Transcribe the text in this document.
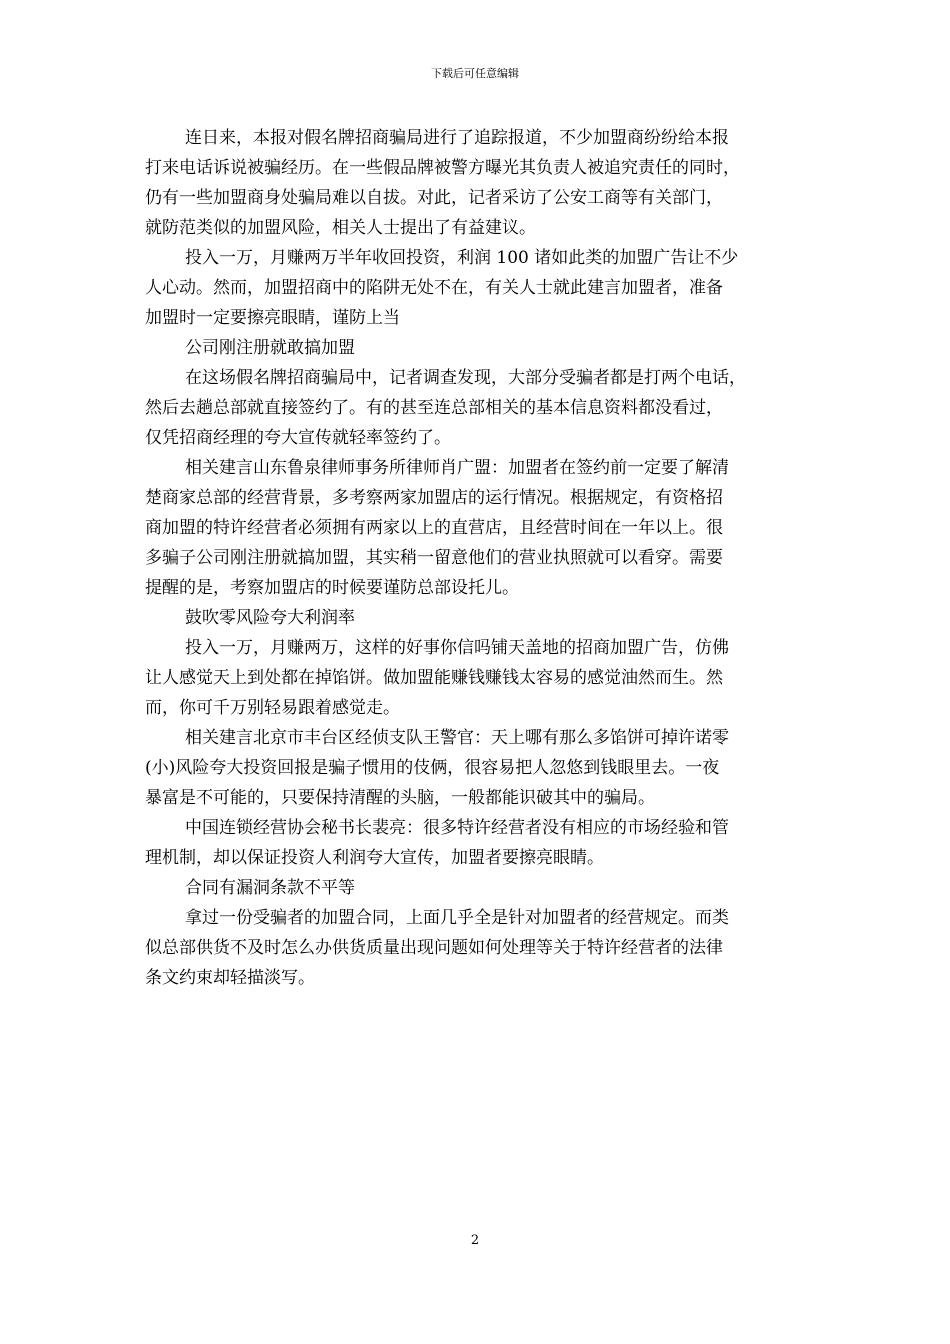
下载后可任意编辑

连日来，本报对假名牌招商骗局进行了追踪报道，不少加盟商纷纷给本报
打来电话诉说被骗经历。在一些假品牌被警方曝光其负责人被追究责任的同时，
仍有一些加盟商身处骗局难以自拔。对此，记者采访了公安工商等有关部门，
就防范类似的加盟风险，相关人士提出了有益建议。

投入一万，月赚两万半年收回投资，利润 100 诸如此类的加盟广告让不少
人心动。然而，加盟招商中的陷阱无处不在，有关人士就此建言加盟者，准备
加盟时一定要擦亮眼睛，谨防上当

公司刚注册就敢搞加盟

在这场假名牌招商骗局中，记者调查发现，大部分受骗者都是打两个电话，
然后去趟总部就直接签约了。有的甚至连总部相关的基本信息资料都没看过，
仅凭招商经理的夸大宣传就轻率签约了。

相关建言山东鲁泉律师事务所律师肖广盟：加盟者在签约前一定要了解清
楚商家总部的经营背景，多考察两家加盟店的运行情况。根据规定，有资格招
商加盟的特许经营者必须拥有两家以上的直营店，且经营时间在一年以上。很
多骗子公司刚注册就搞加盟，其实稍一留意他们的营业执照就可以看穿。需要
提醒的是，考察加盟店的时候要谨防总部设托儿。

鼓吹零风险夸大利润率

投入一万，月赚两万，这样的好事你信吗铺天盖地的招商加盟广告，仿佛
让人感觉天上到处都在掉馅饼。做加盟能赚钱赚钱太容易的感觉油然而生。然
而，你可千万别轻易跟着感觉走。

相关建言北京市丰台区经侦支队王警官：天上哪有那么多馅饼可掉许诺零
(小)风险夸大投资回报是骗子惯用的伎俩，很容易把人忽悠到钱眼里去。一夜
暴富是不可能的，只要保持清醒的头脑，一般都能识破其中的骗局。

中国连锁经营协会秘书长裴亮：很多特许经营者没有相应的市场经验和管
理机制，却以保证投资人利润夸大宣传，加盟者要擦亮眼睛。

合同有漏洞条款不平等

拿过一份受骗者的加盟合同，上面几乎全是针对加盟者的经营规定。而类
似总部供货不及时怎么办供货质量出现问题如何处理等关于特许经营者的法律
条文约束却轻描淡写。

2
